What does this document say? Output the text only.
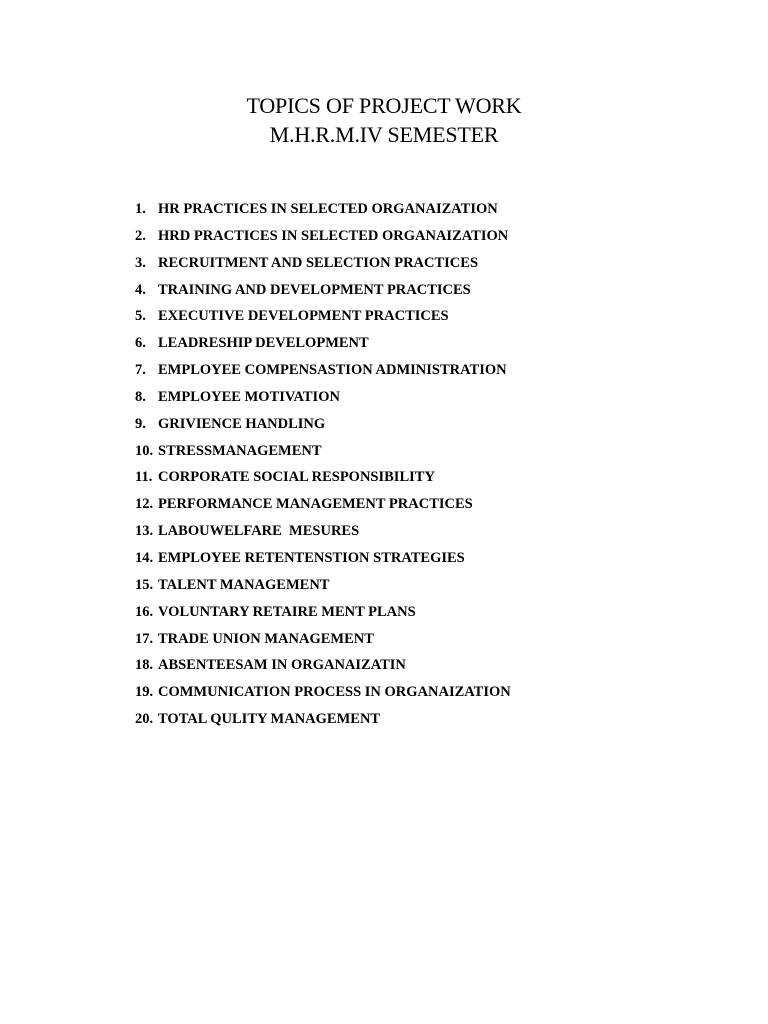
TOPICS OF PROJECT WORK
M.H.R.M.IV SEMESTER
1. HR PRACTICES IN SELECTED ORGANAIZATION
2. HRD PRACTICES IN SELECTED ORGANAIZATION
3. RECRUITMENT AND SELECTION PRACTICES
4. TRAINING AND DEVELOPMENT PRACTICES
5. EXECUTIVE DEVELOPMENT PRACTICES
6. LEADRESHIP DEVELOPMENT
7. EMPLOYEE COMPENSASTION ADMINISTRATION
8. EMPLOYEE MOTIVATION
9. GRIVIENCE HANDLING
10. STRESSMANAGEMENT
11. CORPORATE SOCIAL RESPONSIBILITY
12. PERFORMANCE MANAGEMENT PRACTICES
13. LABOUWELFARE  MESURES
14. EMPLOYEE RETENTENSTION STRATEGIES
15. TALENT MANAGEMENT
16. VOLUNTARY RETAIRE MENT PLANS
17. TRADE UNION MANAGEMENT
18. ABSENTEESAM IN ORGANAIZATIN
19. COMMUNICATION PROCESS IN ORGANAIZATION
20. TOTAL QULITY MANAGEMENT
